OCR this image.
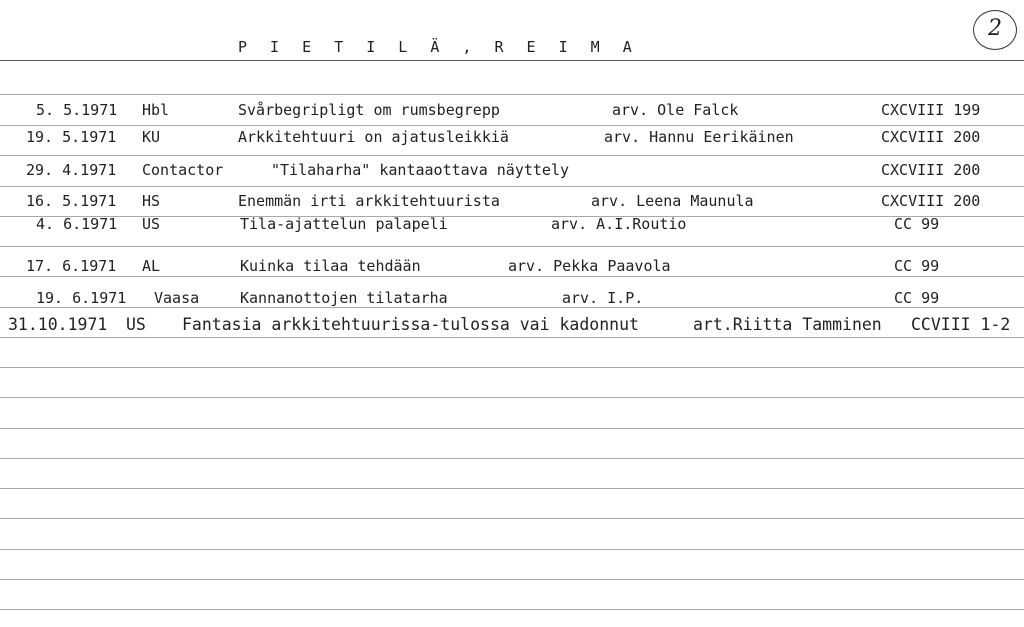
P I E T I L Ä , R E I M A
2
5. 5.1971 Hbl	Svårbegripligt om rumsbegrepp	arv. Ole Falck	CXCVIII 199
19. 5.1971 KU	Arkkitehtuuri on ajatusleikkiä	arv. Hannu Eerikäinen	CXCVIII 200
29. 4.1971 Contactor	"Tilaharha" kantaaottava näyttely	CXCVIII 200
16. 5.1971 HS	Enemmän irti arkkitehtuurista	arv. Leena Maunula	CXCVIII 200
4. 6.1971 US	Tila-ajattelun palapeli	arv. A.I.Routio	CC 99
17. 6.1971 AL	Kuinka tilaa tehdään	arv. Pekka Paavola	CC 99
19. 6.1971 Vaasa	Kannanottojen tilatarha	arv. I.P.	CC 99
31.10.1971 US Fantasia arkkitehtuurissa-tulossa vai kadonnut	art.Riitta Tamminen CCVIII 1-2
